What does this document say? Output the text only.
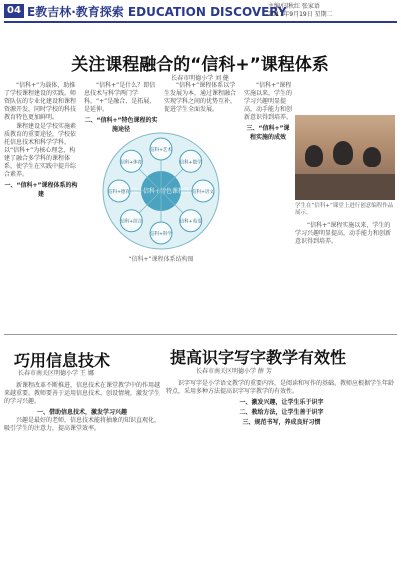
04 E教吉林·教育探索 EDUCATION DISCOVERY
主编/闫秋红 张家语
2017年9月19日 星期二
关注课程融合的“信科+”课程体系
长春市明德小学 刘 健

“信科+”为载体，助推了学校课程建设的实践。师资队伍的专业化建设和课程资源开发，同时学校的科技教育特色更加鲜明。

课程建设是学校实施素质教育的重要途径，学校依托信息技术和科学学科，以“信科+”为核心理念，构建了融合多学科的课程体系，使学生在实践中提升综合素养。

一、“信科+”课程体系的构建

“信科+”是什么？即信息技术与科学两门学科。“+”是融合、是拓展、是延伸。

二、“信科+”特色课程的实施途径

“信科+”课程体系以学生发展为本，通过课程融合实现学科之间的优势互补，促进学生全面发展。

“信科+”课程实施以来，学生的学习兴趣明显提高，动手能力和创新意识得到培养。

三、“信科+”课程实施的成效

信科+艺术
信科+数学
信科+语文
信科+英语
信科+科学
信科+综合
信科+德育
信科+体育
“信科+”课程体系结构图
学生在“信科+”课堂上进行创意编程作品展示。

“信科+”课程实施以来，学生的学习兴趣明显提高，动手能力和创新意识得到培养。

巧用信息技术
长春市南关区明德小学 王 娜

新课程改革不断推进，信息技术在课堂教学中的作用越来越重要。教师要善于运用信息技术，创设情境，激发学生的学习兴趣。

一、借助信息技术，激发学习兴趣

兴趣是最好的老师，信息技术能将抽象的知识直观化，吸引学生的注意力，提高课堂效率。

提高识字写字教学有效性
长春市南关区明德小学 薛 芳

识字写字是小学语文教学的重要内容，是阅读和写作的基础。教师应根据学生年龄特点，采用多种方法提高识字写字教学的有效性。

一、激发兴趣，让学生乐于识字

二、教给方法，让学生善于识字

三、规范书写，养成良好习惯
